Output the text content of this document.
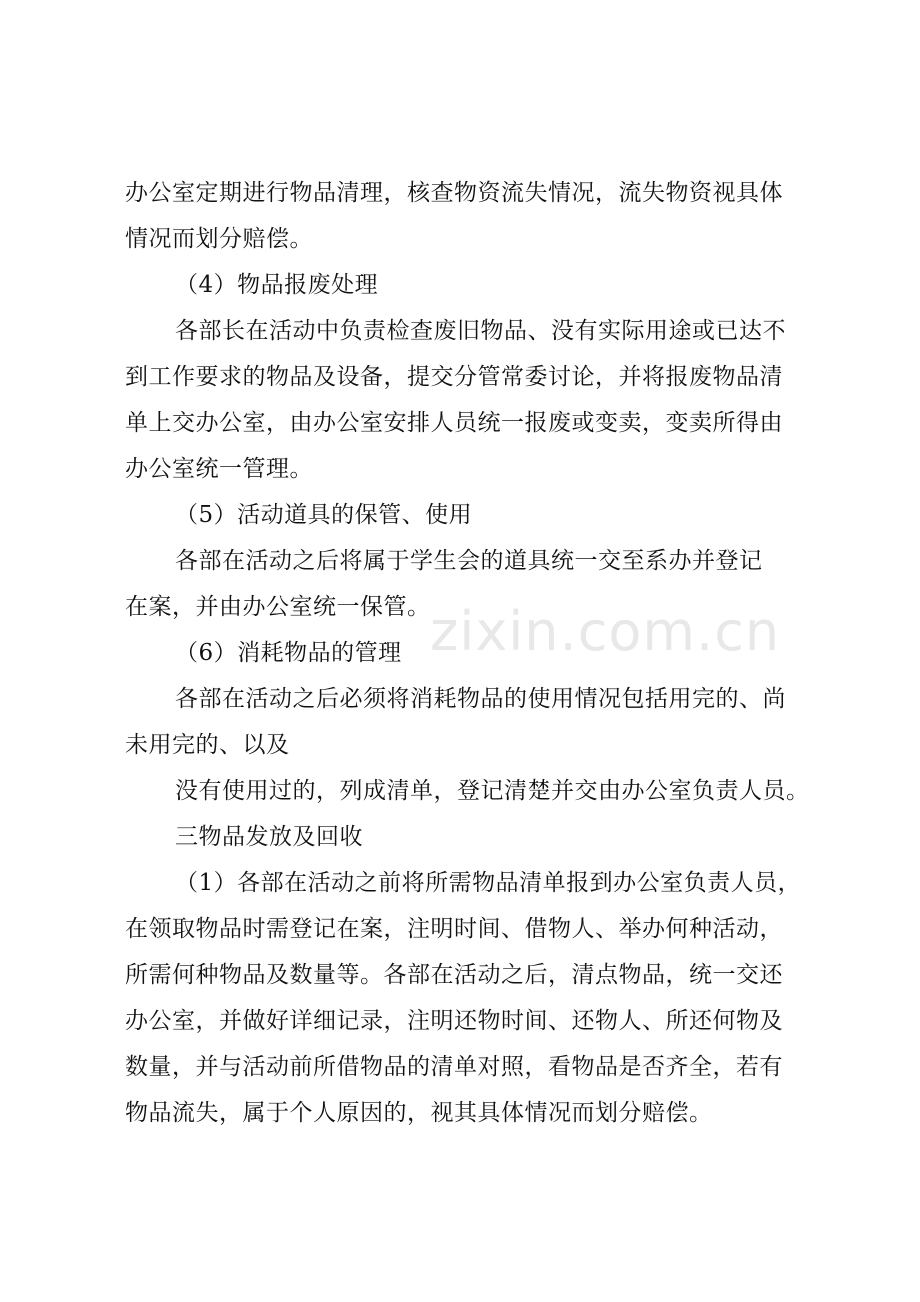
zixin.com.cn
办公室定期进行物品清理，核查物资流失情况，流失物资视具体
情况而划分赔偿。
（4）物品报废处理
各部长在活动中负责检查废旧物品、没有实际用途或已达不
到工作要求的物品及设备，提交分管常委讨论，并将报废物品清
单上交办公室，由办公室安排人员统一报废或变卖，变卖所得由
办公室统一管理。
（5）活动道具的保管、使用
各部在活动之后将属于学生会的道具统一交至系办并登记
在案，并由办公室统一保管。
（6）消耗物品的管理
各部在活动之后必须将消耗物品的使用情况包括用完的、尚
未用完的、以及
没有使用过的，列成清单，登记清楚并交由办公室负责人员。
三物品发放及回收
（1）各部在活动之前将所需物品清单报到办公室负责人员，
在领取物品时需登记在案，注明时间、借物人、举办何种活动，
所需何种物品及数量等。各部在活动之后，清点物品，统一交还
办公室，并做好详细记录，注明还物时间、还物人、所还何物及
数量，并与活动前所借物品的清单对照，看物品是否齐全，若有
物品流失，属于个人原因的，视其具体情况而划分赔偿。
